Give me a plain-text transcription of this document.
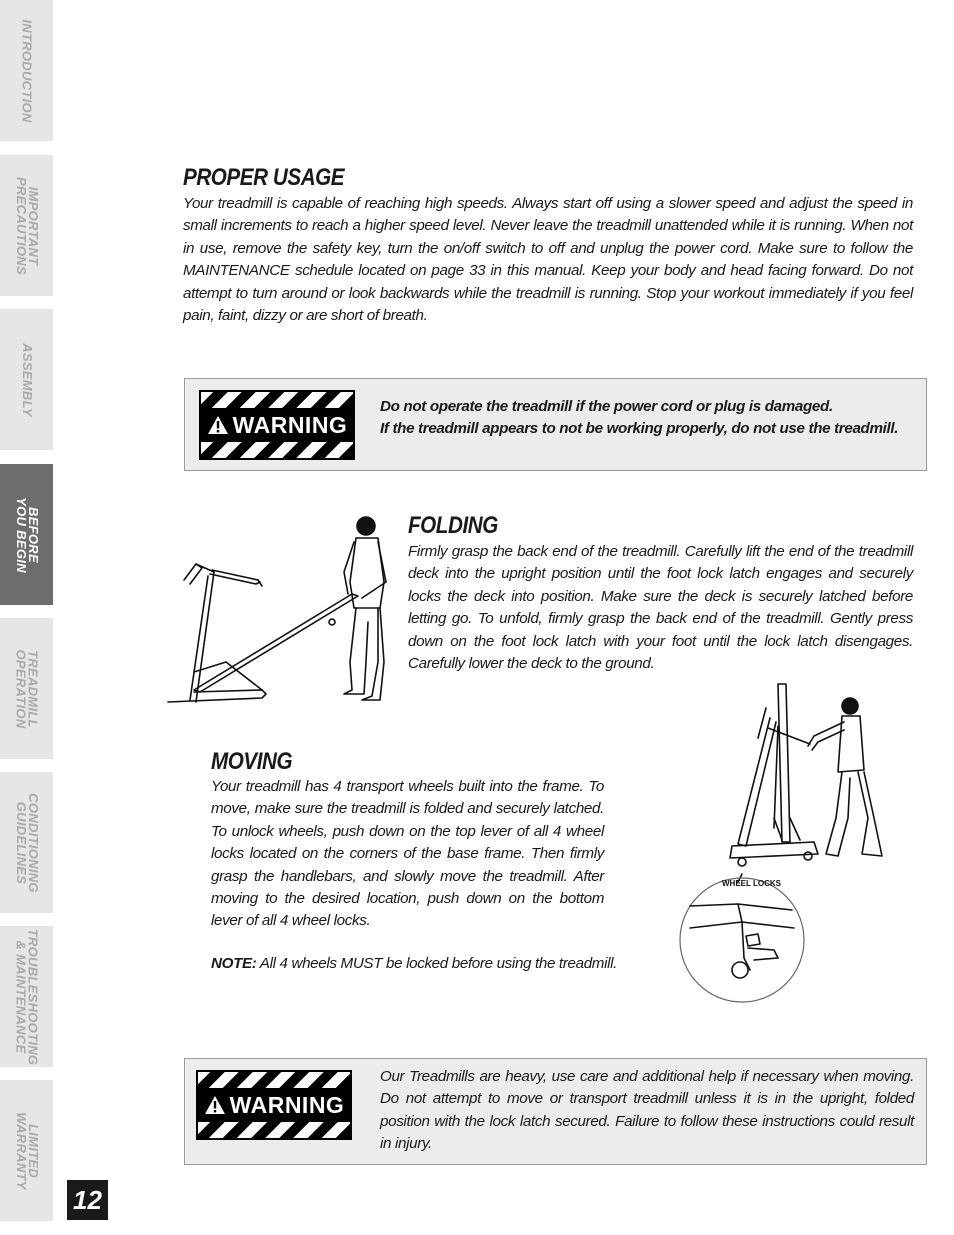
INTRODUCTION
IMPORTANT
PRECAUTIONS
ASSEMBLY
BEFORE
YOU BEGIN
TREADMILL
OPERATION
CONDITIONING
GUIDELINES
TROUBLESHOOTING
& MAINTENANCE
LIMITED
WARRANTY
12
PROPER USAGE
Your treadmill is capable of reaching high speeds. Always start off using a slower speed and adjust the speed in small increments to reach a higher speed level. Never leave the treadmill unattended while it is running. When not in use, remove the safety key, turn the on/off switch to off and unplug the power cord. Make sure to follow the MAINTENANCE schedule located on page 33 in this manual. Keep your body and head facing forward. Do not attempt to turn around or look backwards while the treadmill is running. Stop your workout immediately if you feel pain, faint, dizzy or are short of breath.
WARNING

Do not operate the treadmill if the power cord or plug is damaged.

If the treadmill appears to not be working properly, do not use the treadmill.

FOLDING
Firmly grasp the back end of the treadmill. Carefully lift the end of the treadmill deck into the upright position until the foot lock latch engages and securely locks the deck into position. Make sure the deck is securely latched before letting go. To unfold, firmly grasp the back end of the treadmill. Gently press down on the foot lock latch with your foot until the lock latch disengages. Carefully lower the deck to the ground.
MOVING
Your treadmill has 4 transport wheels built into the frame. To move, make sure the treadmill is folded and securely latched. To unlock wheels, push down on the top lever of all 4 wheel locks located on the corners of the base frame. Then firmly grasp the handlebars, and slowly move the treadmill. After moving to the desired location, push down on the bottom lever of all 4 wheel locks.
NOTE: All 4 wheels MUST be locked before using the treadmill.
WHEEL LOCKS
WARNING
Our Treadmills are heavy, use care and additional help if necessary when moving. Do not attempt to move or transport treadmill unless it is in the upright, folded position with the lock latch secured. Failure to follow these instructions could result in injury.
